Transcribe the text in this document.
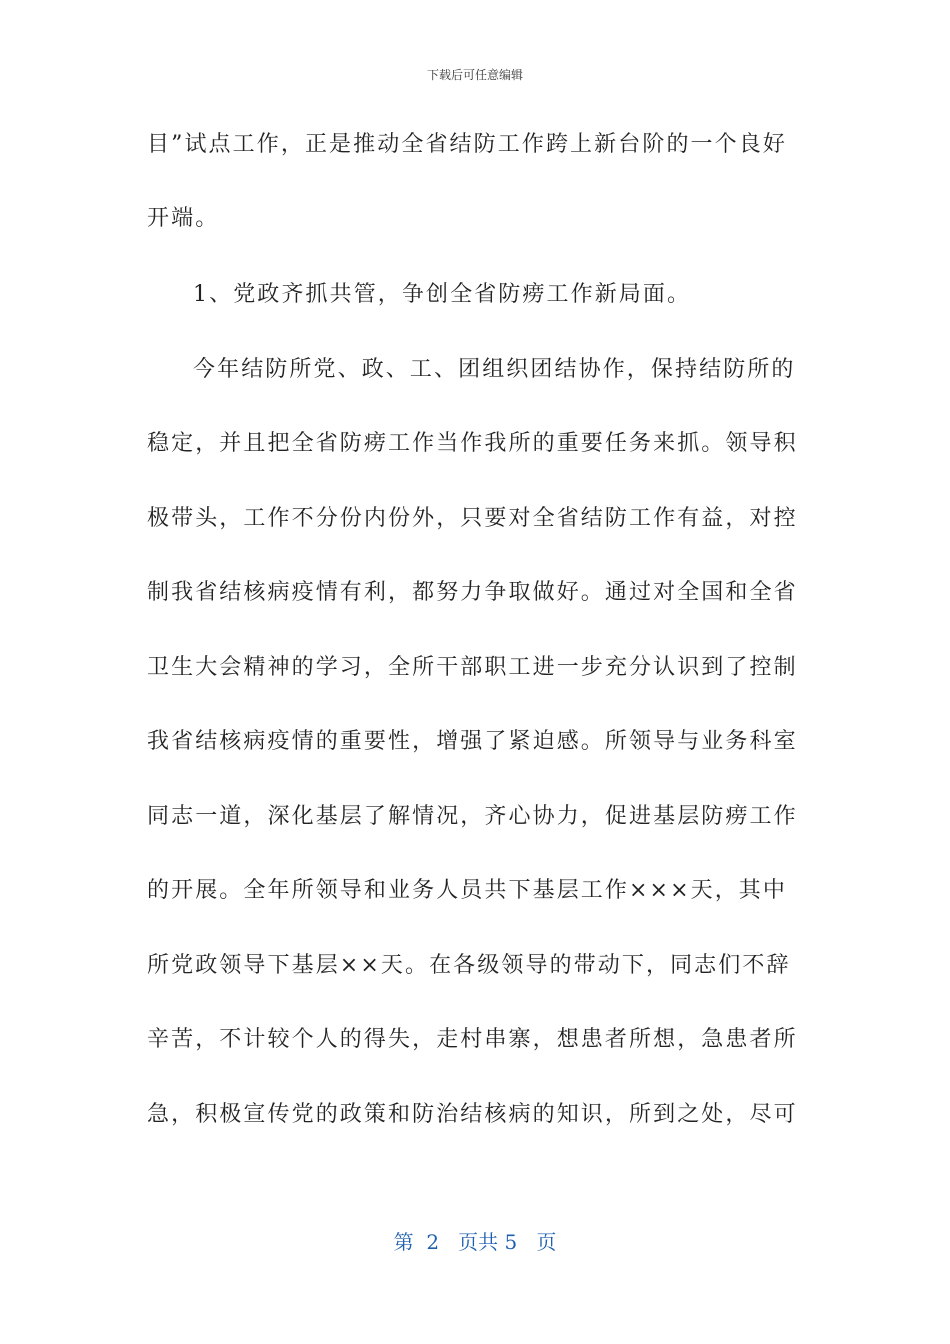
下载后可任意编辑
目”试点工作，正是推动全省结防工作跨上新台阶的一个良好
开端。
1、党政齐抓共管，争创全省防痨工作新局面。
今年结防所党、政、工、团组织团结协作，保持结防所的
稳定，并且把全省防痨工作当作我所的重要任务来抓。领导积
极带头，工作不分份内份外，只要对全省结防工作有益，对控
制我省结核病疫情有利，都努力争取做好。通过对全国和全省
卫生大会精神的学习，全所干部职工进一步充分认识到了控制
我省结核病疫情的重要性，增强了紧迫感。所领导与业务科室
同志一道，深化基层了解情况，齐心协力，促进基层防痨工作
的开展。全年所领导和业务人员共下基层工作×××天，其中
所党政领导下基层××天。在各级领导的带动下，同志们不辞
辛苦，不计较个人的得失，走村串寨，想患者所想，急患者所
急，积极宣传党的政策和防治结核病的知识，所到之处，尽可
第  2   页共 5   页
